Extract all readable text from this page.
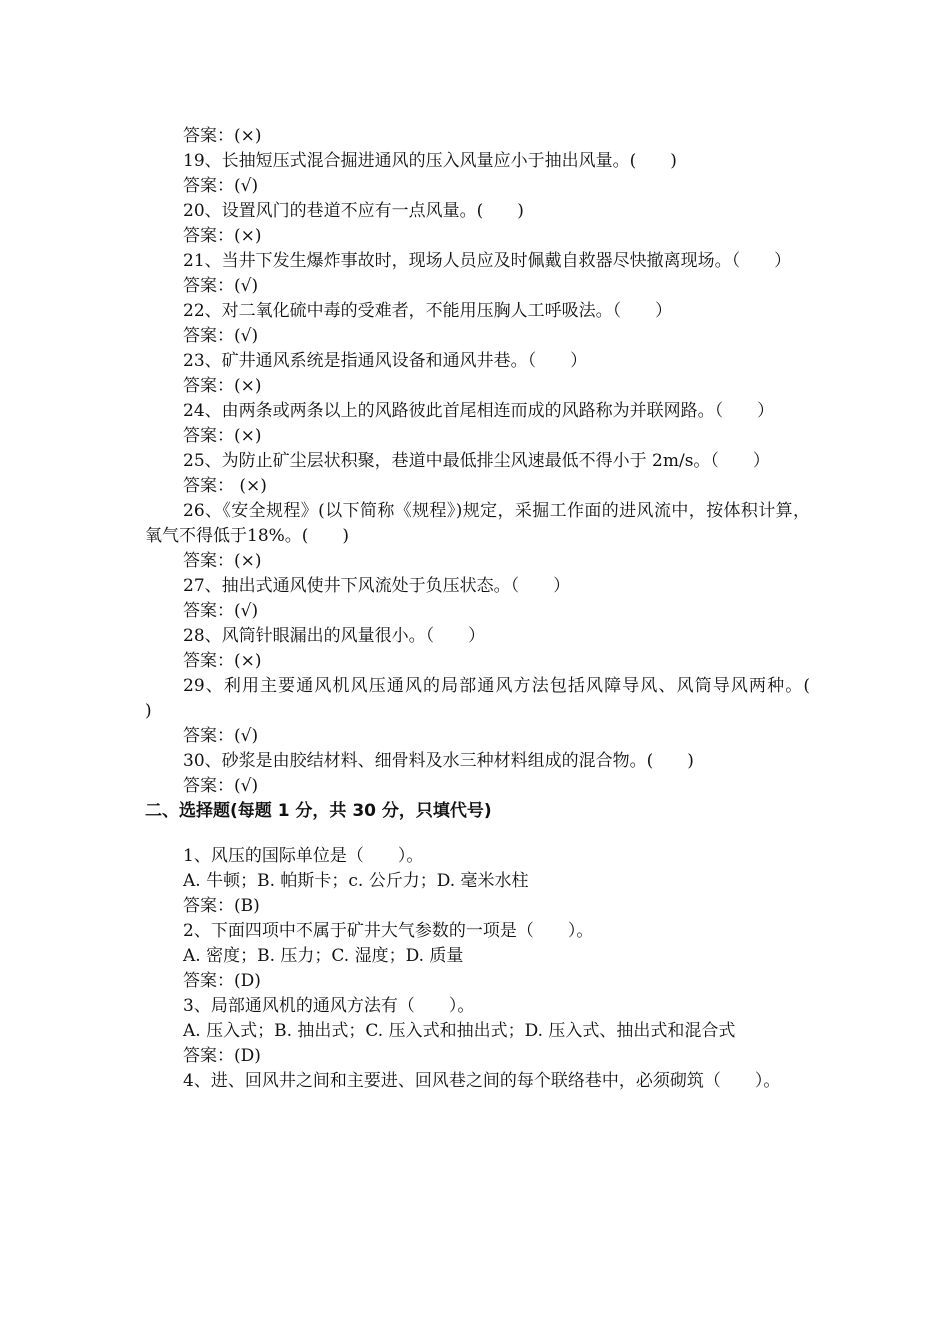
答案：(×)
19、长抽短压式混合掘进通风的压入风量应小于抽出风量。(　　)
答案：(√)
20、设置风门的巷道不应有一点风量。(　　)
答案：(×)
21、当井下发生爆炸事故时，现场人员应及时佩戴自救器尽快撤离现场。（　　）
答案：(√)
22、对二氧化硫中毒的受难者，不能用压胸人工呼吸法。（　　）
答案：(√)
23、矿井通风系统是指通风设备和通风井巷。（　　）
答案：(×)
24、由两条或两条以上的风路彼此首尾相连而成的风路称为并联网路。（　　）
答案：(×)
25、为防止矿尘层状积聚，巷道中最低排尘风速最低不得小于 2m/s。（　　）
答案： (×)
26、《安全规程》(以下简称《规程》)规定，采掘工作面的进风流中，按体积计算，氧气不得低于18%。(　　)
答案：(×)
27、抽出式通风使井下风流处于负压状态。（　　）
答案：(√)
28、风筒针眼漏出的风量很小。（　　）
答案：(×)
29、利用主要通风机风压通风的局部通风方法包括风障导风、风筒导风两种。(　　)
答案：(√)
30、砂浆是由胶结材料、细骨料及水三种材料组成的混合物。(　　)
答案：(√)
二、选择题(每题 1 分，共 30 分，只填代号)
1、风压的国际单位是（　　）。
A. 牛顿；B. 帕斯卡；c. 公斤力；D. 毫米水柱
答案：(B)
2、下面四项中不属于矿井大气参数的一项是（　　）。
A. 密度；B. 压力；C. 湿度；D. 质量
答案：(D)
3、局部通风机的通风方法有（　　）。
A. 压入式；B. 抽出式；C. 压入式和抽出式；D. 压入式、抽出式和混合式
答案：(D)
4、进、回风井之间和主要进、回风巷之间的每个联络巷中，必须砌筑（　　）。
